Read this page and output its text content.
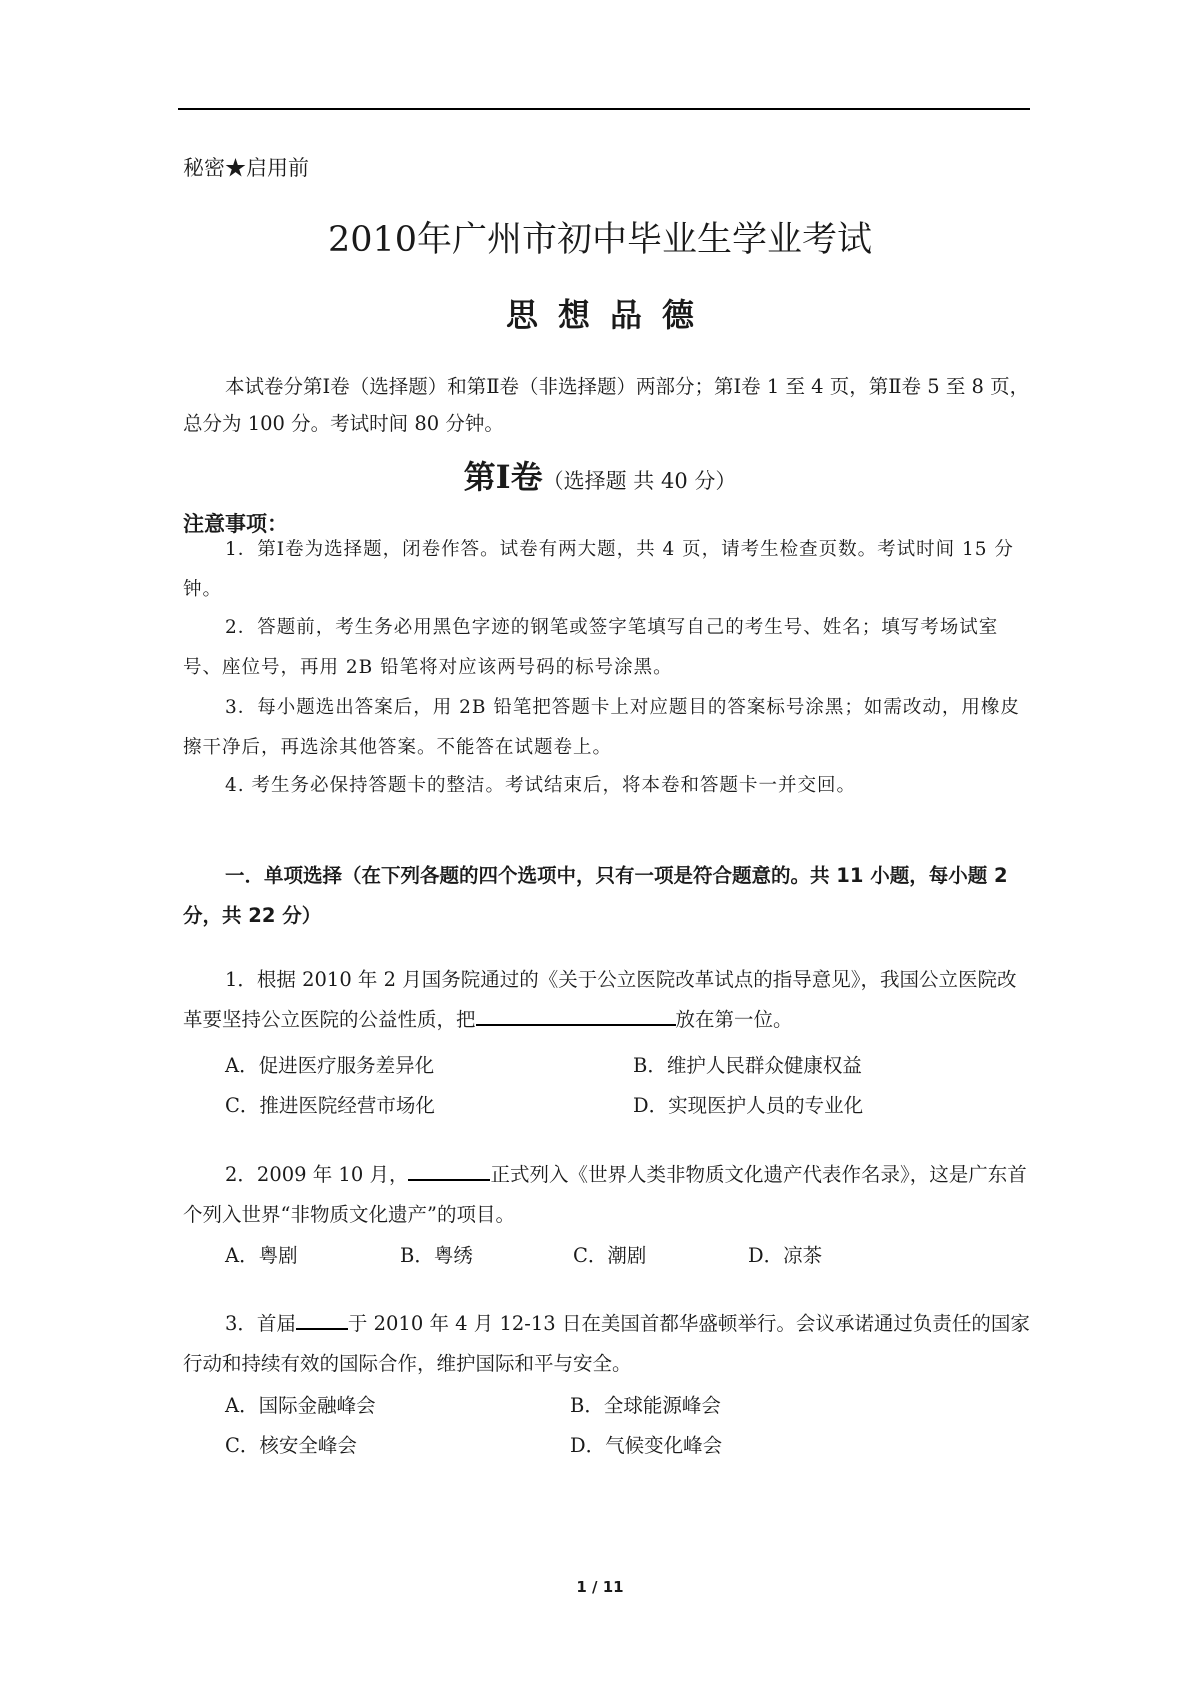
秘密★启用前
2010年广州市初中毕业生学业考试
思想品德
本试卷分第Ⅰ卷（选择题）和第Ⅱ卷（非选择题）两部分；第Ⅰ卷 1 至 4 页，第Ⅱ卷 5 至 8 页，总分为 100 分。考试时间 80 分钟。
第Ⅰ卷（选择题 共 40 分）
注意事项：
1．第Ⅰ卷为选择题，闭卷作答。试卷有两大题，共 4 页，请考生检查页数。考试时间 15 分钟。
2．答题前，考生务必用黑色字迹的钢笔或签字笔填写自己的考生号、姓名；填写考场试室号、座位号，再用 2B 铅笔将对应该两号码的标号涂黑。
3．每小题选出答案后，用 2B 铅笔把答题卡上对应题目的答案标号涂黑；如需改动，用橡皮擦干净后，再选涂其他答案。不能答在试题卷上。
4. 考生务必保持答题卡的整洁。考试结束后，将本卷和答题卡一并交回。
一．单项选择（在下列各题的四个选项中，只有一项是符合题意的。共 11 小题，每小题 2 分，共 22 分）
1．根据 2010 年 2 月国务院通过的《关于公立医院改革试点的指导意见》，我国公立医院改革要坚持公立医院的公益性质，把	放在第一位。
A．促进医疗服务差异化	B．维护人民群众健康权益
C．推进医院经营市场化	D．实现医护人员的专业化
2．2009 年 10 月，	正式列入《世界人类非物质文化遗产代表作名录》，这是广东首个列入世界“非物质文化遗产”的项目。
A．粤剧	B．粤绣	C．潮剧	D．凉茶
3．首届	于 2010 年 4 月 12-13 日在美国首都华盛顿举行。会议承诺通过负责任的国家行动和持续有效的国际合作，维护国际和平与安全。
A．国际金融峰会	B．全球能源峰会
C．核安全峰会	D．气候变化峰会
1 / 11
